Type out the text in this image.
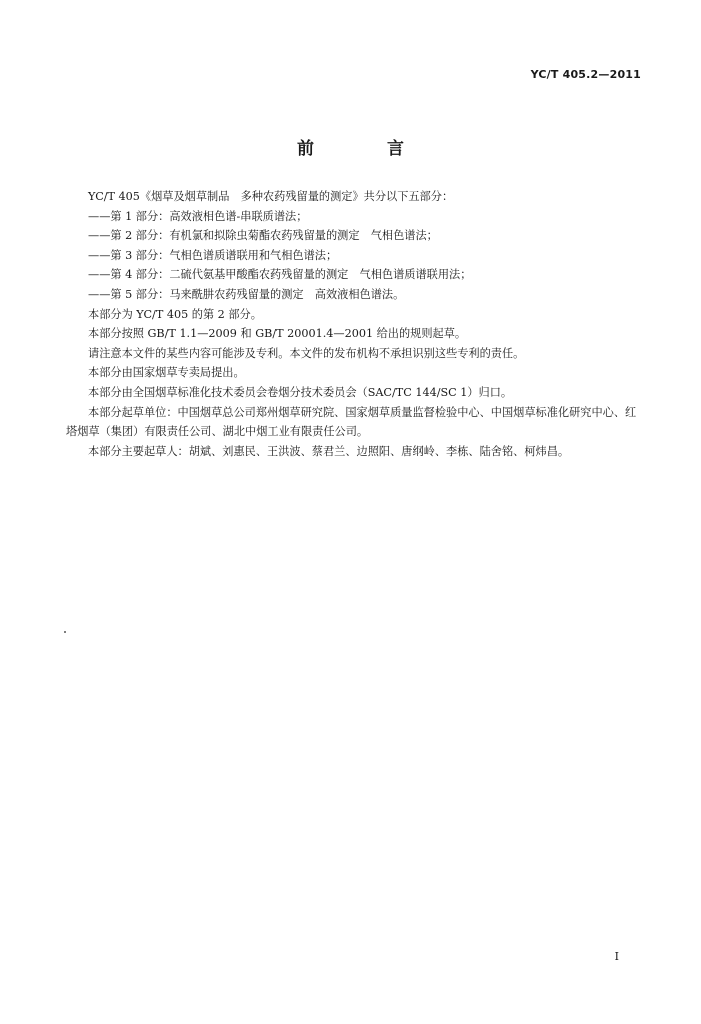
YC/T 405.2—2011
前　言

YC/T 405《烟草及烟草制品　多种农药残留量的测定》共分以下五部分：

——第 1 部分：高效液相色谱-串联质谱法；

——第 2 部分：有机氯和拟除虫菊酯农药残留量的测定　气相色谱法；

——第 3 部分：气相色谱质谱联用和气相色谱法；

——第 4 部分：二硫代氨基甲酸酯农药残留量的测定　气相色谱质谱联用法；

——第 5 部分：马来酰肼农药残留量的测定　高效液相色谱法。

本部分为 YC/T 405 的第 2 部分。

本部分按照 GB/T 1.1—2009 和 GB/T 20001.4—2001 给出的规则起草。

请注意本文件的某些内容可能涉及专利。本文件的发布机构不承担识别这些专利的责任。

本部分由国家烟草专卖局提出。

本部分由全国烟草标准化技术委员会卷烟分技术委员会（SAC/TC 144/SC 1）归口。

本部分起草单位：中国烟草总公司郑州烟草研究院、国家烟草质量监督检验中心、中国烟草标准化研究中心、红塔烟草（集团）有限责任公司、湖北中烟工业有限责任公司。

本部分主要起草人：胡斌、刘惠民、王洪波、蔡君兰、边照阳、唐纲岭、李栋、陆舍铭、柯炜昌。

I
